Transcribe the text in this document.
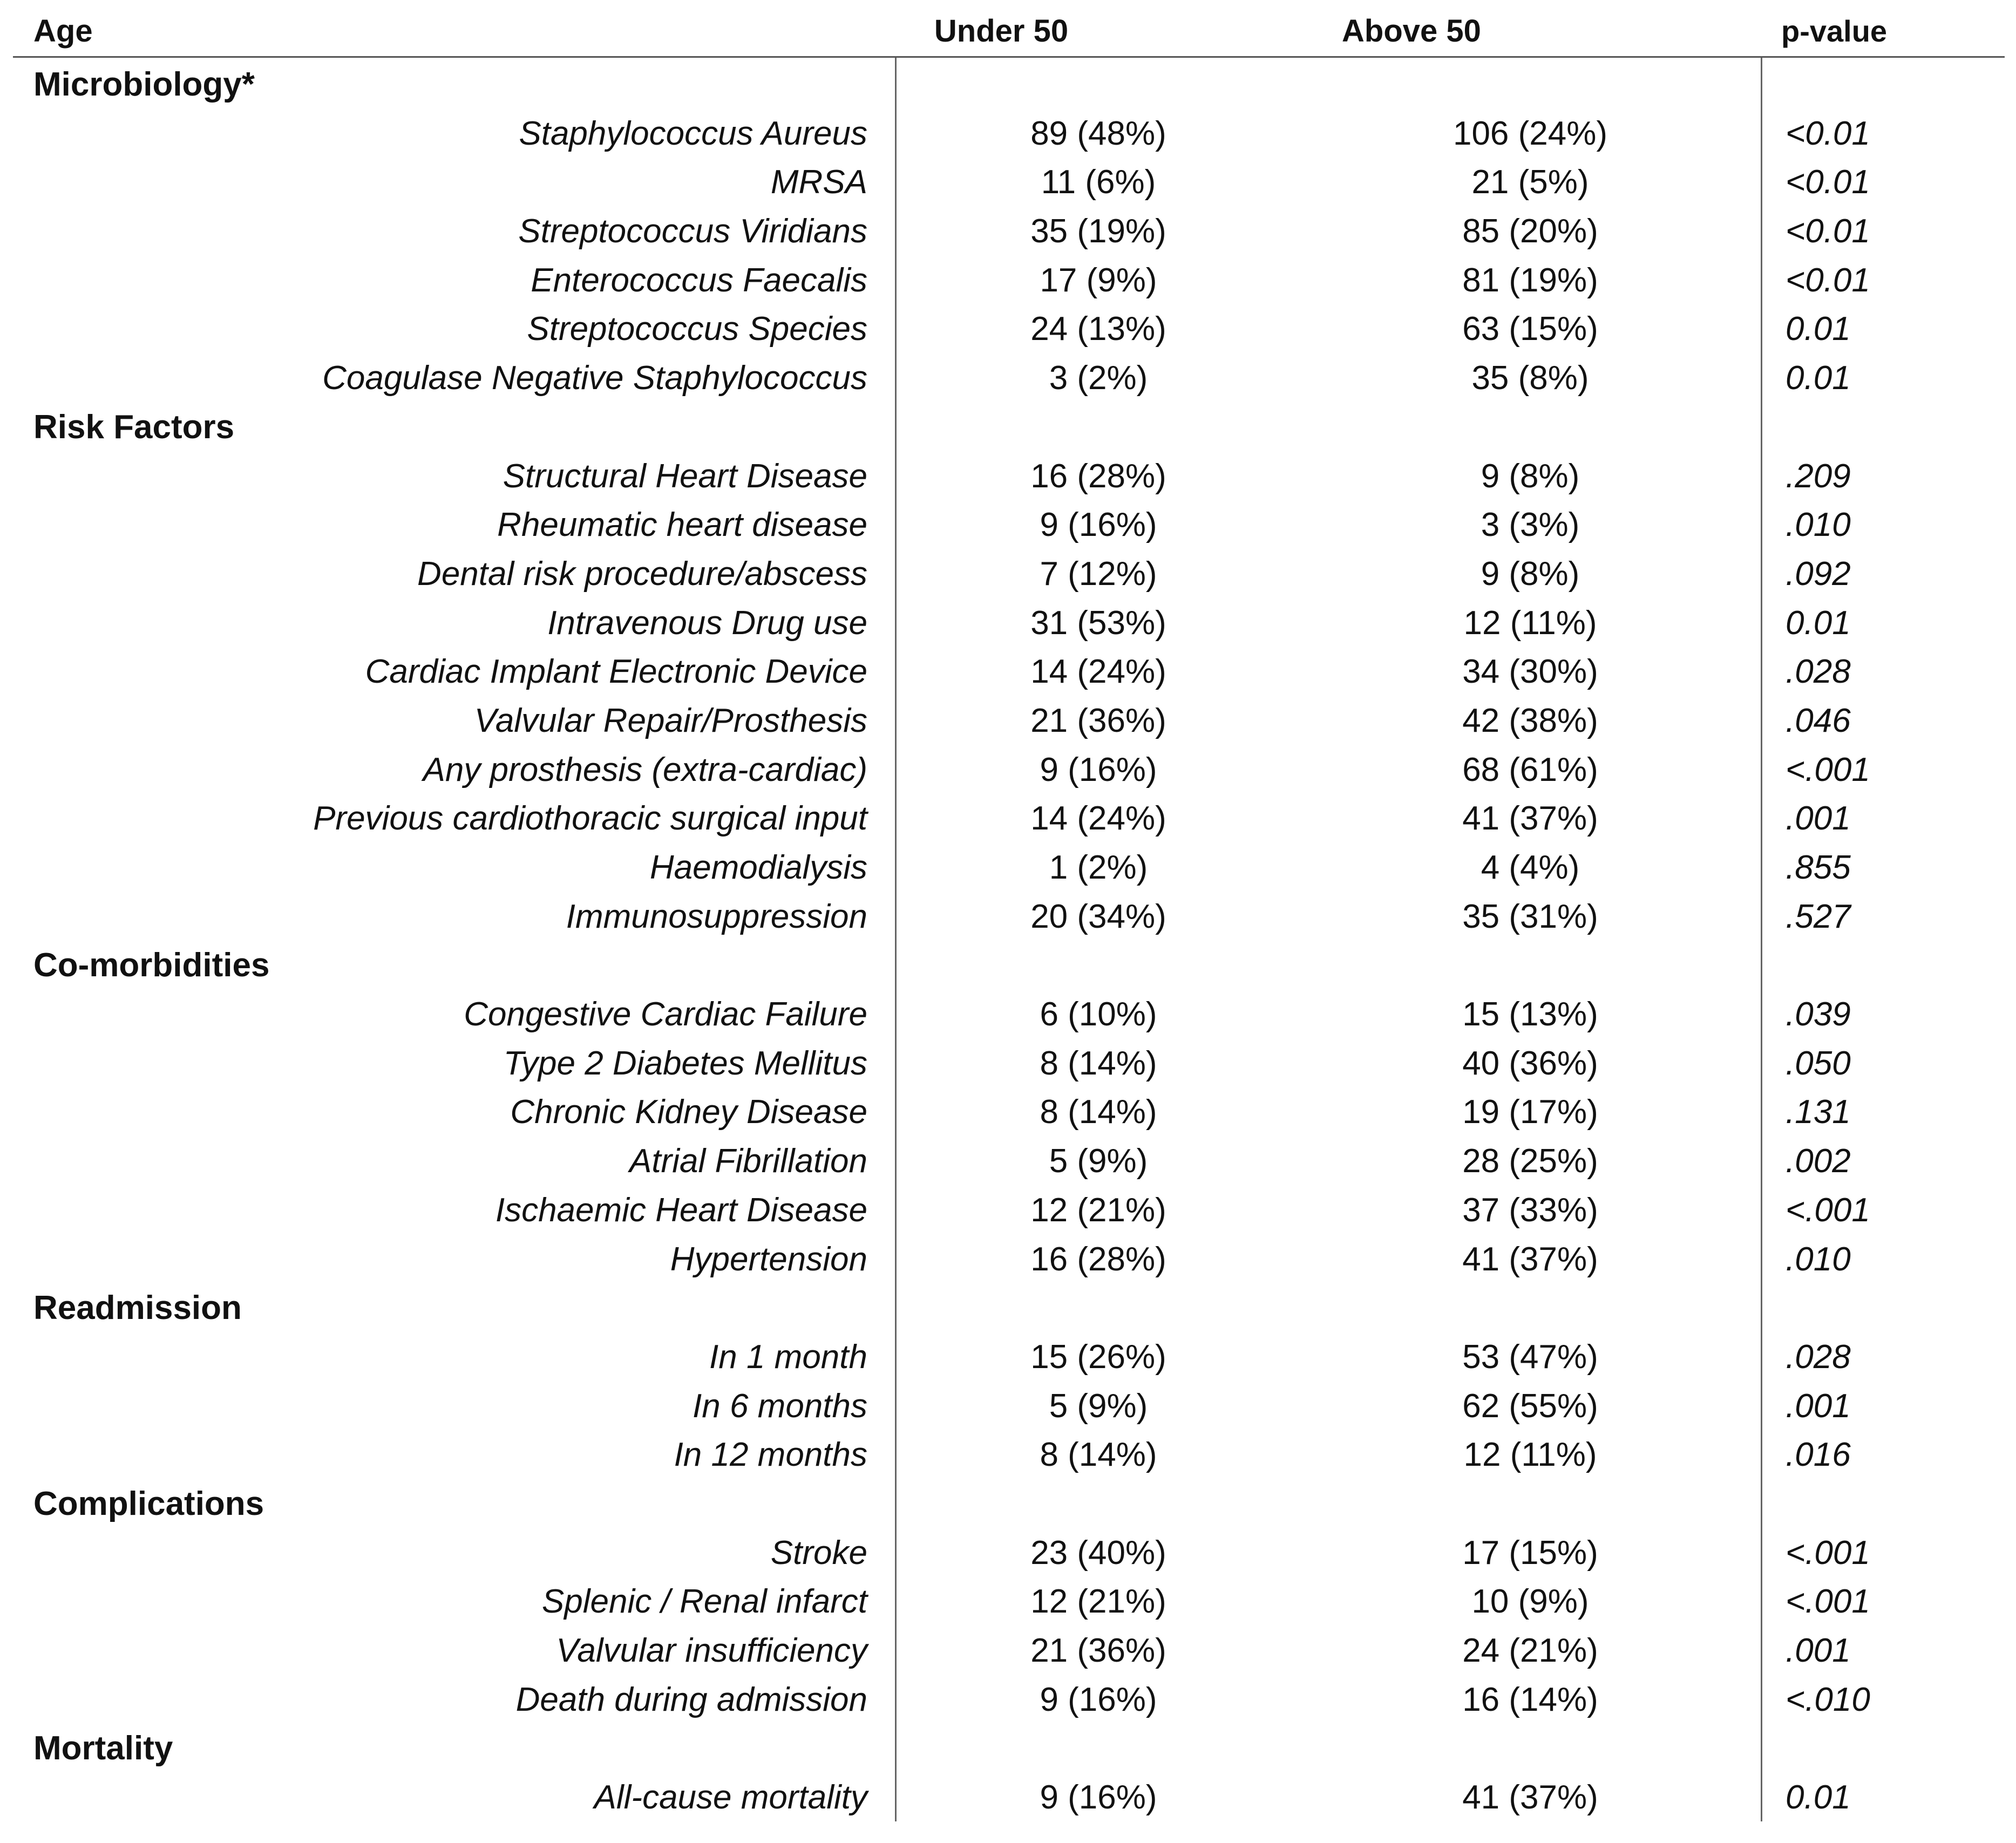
Age	Under 50	Above 50	p-value
Microbiology*
Staphylococcus Aureus	89 (48%)	106 (24%)	<0.01
MRSA	11 (6%)	21 (5%)	<0.01
Streptococcus Viridians	35 (19%)	85 (20%)	<0.01
Enterococcus Faecalis	17 (9%)	81 (19%)	<0.01
Streptococcus Species	24 (13%)	63 (15%)	0.01
Coagulase Negative Staphylococcus	3 (2%)	35 (8%)	0.01
Risk Factors
Structural Heart Disease	16 (28%)	9 (8%)	.209
Rheumatic heart disease	9 (16%)	3 (3%)	.010
Dental risk procedure/abscess	7 (12%)	9 (8%)	.092
Intravenous Drug use	31 (53%)	12 (11%)	0.01
Cardiac Implant Electronic Device	14 (24%)	34 (30%)	.028
Valvular Repair/Prosthesis	21 (36%)	42 (38%)	.046
Any prosthesis (extra-cardiac)	9 (16%)	68 (61%)	<.001
Previous cardiothoracic surgical input	14 (24%)	41 (37%)	.001
Haemodialysis	1 (2%)	4 (4%)	.855
Immunosuppression	20 (34%)	35 (31%)	.527
Co-morbidities
Congestive Cardiac Failure	6 (10%)	15 (13%)	.039
Type 2 Diabetes Mellitus	8 (14%)	40 (36%)	.050
Chronic Kidney Disease	8 (14%)	19 (17%)	.131
Atrial Fibrillation	5 (9%)	28 (25%)	.002
Ischaemic Heart Disease	12 (21%)	37 (33%)	<.001
Hypertension	16 (28%)	41 (37%)	.010
Readmission
In 1 month	15 (26%)	53 (47%)	.028
In 6 months	5 (9%)	62 (55%)	.001
In 12 months	8 (14%)	12 (11%)	.016
Complications
Stroke	23 (40%)	17 (15%)	<.001
Splenic / Renal infarct	12 (21%)	10 (9%)	<.001
Valvular insufficiency	21 (36%)	24 (21%)	.001
Death during admission	9 (16%)	16 (14%)	<.010
Mortality
All-cause mortality	9 (16%)	41 (37%)	0.01
